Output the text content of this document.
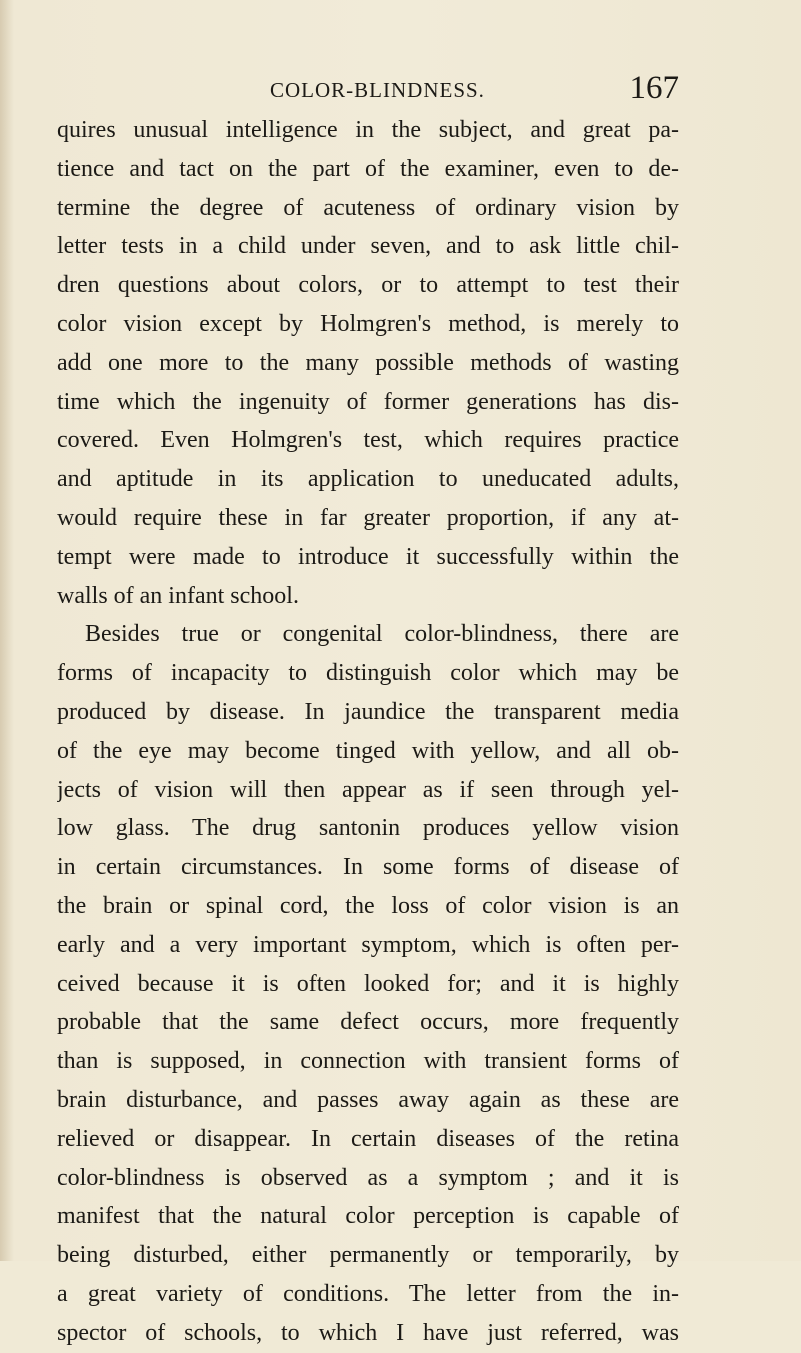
COLOR-BLINDNESS.	167
quires unusual intelligence in the subject, and great pa-
tience and tact on the part of the examiner, even to de-
termine the degree of acuteness of ordinary vision by
letter tests in a child under seven, and to ask little chil-
dren questions about colors, or to attempt to test their
color vision except by Holmgren's method, is merely to
add one more to the many possible methods of wasting
time which the ingenuity of former generations has dis-
covered. Even Holmgren's test, which requires practice
and aptitude in its application to uneducated adults,
would require these in far greater proportion, if any at-
tempt were made to introduce it successfully within the
walls of an infant school.
Besides true or congenital color-blindness, there are
forms of incapacity to distinguish color which may be
produced by disease. In jaundice the transparent media
of the eye may become tinged with yellow, and all ob-
jects of vision will then appear as if seen through yel-
low glass. The drug santonin produces yellow vision
in certain circumstances. In some forms of disease of
the brain or spinal cord, the loss of color vision is an
early and a very important symptom, which is often per-
ceived because it is often looked for; and it is highly
probable that the same defect occurs, more frequently
than is supposed, in connection with transient forms of
brain disturbance, and passes away again as these are
relieved or disappear. In certain diseases of the retina
color-blindness is observed as a symptom ; and it is
manifest that the natural color perception is capable of
being disturbed, either permanently or temporarily, by
a great variety of conditions. The letter from the in-
spector of schools, to which I have just referred, was
